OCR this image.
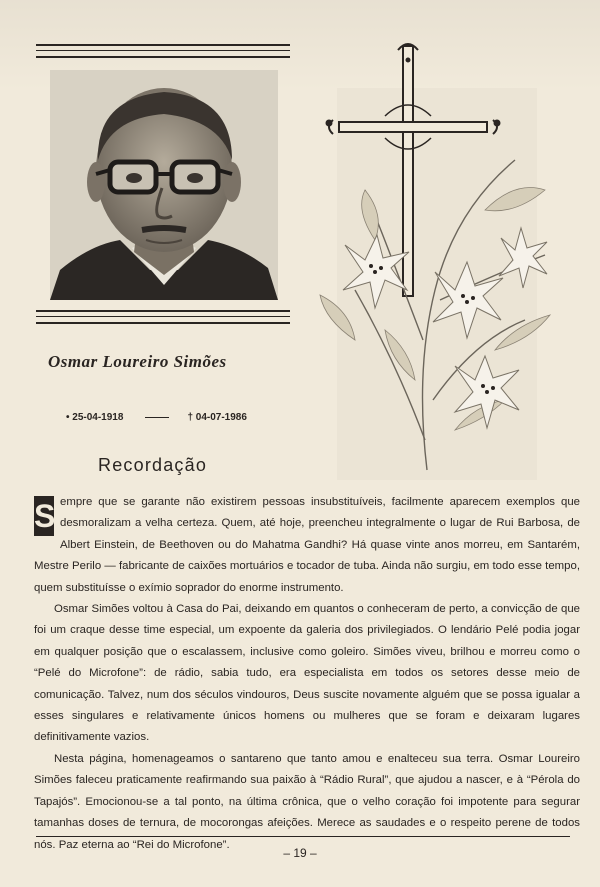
Osmar Loureiro Simões
• 25-04-1918	† 04-07-1986
Recordação

S empre que se garante não existirem pessoas insubstituíveis, facilmente aparecem exemplos que desmoralizam a velha certeza. Quem, até hoje, preencheu integralmente o lugar de Rui Barbosa, de Albert Einstein, de Beethoven ou do Mahatma Gandhi? Há quase vinte anos morreu, em Santarém, Mestre Perilo — fabricante de caixões mortuários e tocador de tuba. Ainda não surgiu, em todo esse tempo, quem substituísse o exímio soprador do enorme instrumento.

Osmar Simões voltou à Casa do Pai, deixando em quantos o conheceram de perto, a convicção de que foi um craque desse time especial, um expoente da galeria dos privilegiados. O lendário Pelé podia jogar em qualquer posição que o escalassem, inclusive como goleiro. Simões viveu, brilhou e morreu como o “Pelé do Microfone”: de rádio, sabia tudo, era especialista em todos os setores desse meio de comunicação. Talvez, num dos séculos vindouros, Deus suscite novamente alguém que se possa igualar a esses singulares e relativamente únicos homens ou mulheres que se foram e deixaram lugares definitivamente vazios.

Nesta página, homenageamos o santareno que tanto amou e enalteceu sua terra. Osmar Loureiro Simões faleceu praticamente reafirmando sua paixão à “Rádio Rural”, que ajudou a nascer, e à “Pérola do Tapajós”. Emocionou-se a tal ponto, na última crônica, que o velho coração foi impotente para segurar tamanhas doses de ternura, de mocorongas afeições. Merece as saudades e o respeito perene de todos nós. Paz eterna ao “Rei do Microfone”.

– 19 –
